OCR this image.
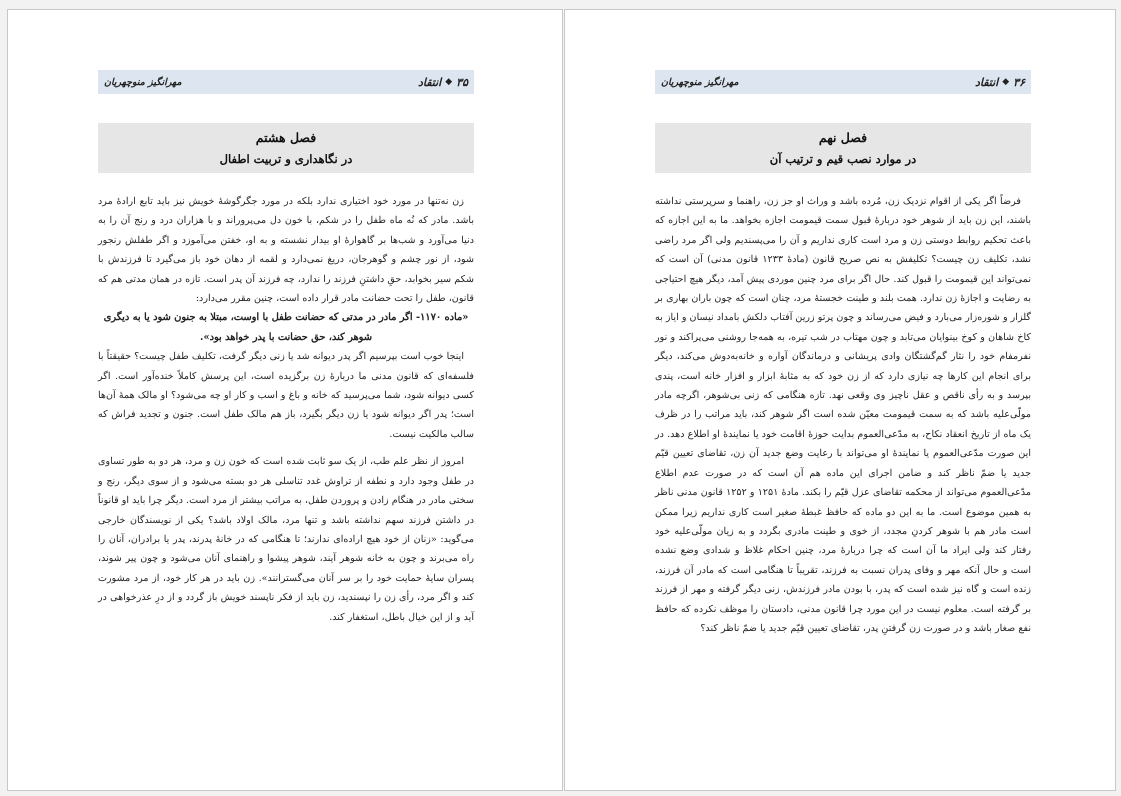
۳۵
◆
انتقاد
مهرانگیز منوچهریان
فصل هشتم
در نگاهداری و تربیت اطفال

زن نه‌تنها در مورد خود اختیاری ندارد بلکه در مورد جگرگوشهٔ خویش نیز باید تابع ارادهٔ مرد باشد. مادر که نُه ماه طفل را در شکم، با خون دل می‌پروراند و با هزاران درد و رنج آن را به دنیا می‌آورد و شب‌ها بر گاهوارهٔ او بیدار نشسته و به او، خفتن می‌آموزد و اگر طفلش رنجور شود، از نور چشم و گوهرجان، دریغ نمی‌دارد و لقمه از دهان خود باز می‌گیرد تا فرزندش با شکم سیر بخوابد، حقِ داشتنِ فرزند را ندارد، چه فرزند آن پدر است. تازه در همان مدتی هم که قانون، طفل را تحت حضانت مادر قرار داده است، چنین مقرر می‌دارد:

«ماده ۱۱۷۰- اگر مادر در مدتی که حضانت طفل با اوست، مبتلا به جنون شود یا به دیگری شوهر کند، حق حضانت با پدر خواهد بود».

اینجا خوب است بپرسیم اگر پدر دیوانه شد یا زنی دیگر گرفت، تکلیف طفل چیست؟ حقیقتاً با فلسفه‌ای که قانون مدنی ما دربارهٔ زن برگزیده است، این پرسش کاملاً خنده‌آور است. اگر کسی دیوانه شود، شما می‌پرسید که خانه و باغ و اسب و کار او چه می‌شود؟ او مالک همهٔ آن‌ها است؛ پدر اگر دیوانه شود یا زن دیگر بگیرد، باز هم مالک طفل است. جنون و تجدید فراش که سالب مالکیت نیست.

امروز از نظر علم طب، از یک سو ثابت شده است که خون زن و مرد، هر دو به طور تساوی در طفل وجود دارد و نطفه از تراوش غدد تناسلی هر دو بسته می‌شود و از سوی دیگر، رنج و سختی مادر در هنگام زادن و پروردن طفل، به مراتب بیشتر از مرد است. دیگر چرا باید او قانوناً در داشتن فرزند سهم نداشته باشد و تنها مرد، مالک اولاد باشد؟ یکی از نویسندگان خارجی می‌گوید: «زنان از خود هیچ اراده‌ای ندارند؛ تا هنگامی که در خانهٔ پدرند، پدر یا برادران، آنان را راه می‌برند و چون به خانه شوهر آیند، شوهر پیشوا و راهنمای آنان می‌شود و چون پیر شوند، پسران سایهٔ حمایت خود را بر سر آنان می‌گسترانند». زن باید در هر کار خود، از مرد مشورت کند و اگر مرد، رأی زن را نپسندید، زن باید از فکر ناپسند خویش باز گردد و از درِ عذرخواهی در آید و از این خیال باطل، استغفار کند.

۳۶
◆
انتقاد
مهرانگیز منوچهریان
فصل نهم
در موارد نصب قیم و ترتیب آن

فرضاً اگر یکی از اقوام نزدیک زن، مُرده باشد و وراث او جز زن، راهنما و سرپرستی نداشته باشند، این زن باید از شوهر خود دربارهٔ قبول سمت قیمومت اجازه بخواهد. ما به این اجازه که باعث تحکیم روابط دوستی زن و مرد است کاری نداریم و آن را می‌پسندیم ولی اگر مرد راضی نشد، تکلیف زن چیست؟ تکلیفش به نص صریح قانون (مادهٔ ۱۲۳۳ قانون مدنی) آن است که نمی‌تواند این قیمومت را قبول کند. حال اگر برای مرد چنین موردی پیش آمد، دیگر هیچ احتیاجی به رضایت و اجازهٔ زن ندارد. همت بلند و طینت خجستهٔ مرد، چنان است که چون باران بهاری بر گلزار و شوره‌زار می‌بارد و فیض می‌رساند و چون پرتو زرین آفتاب دلکش بامداد نیسان و ایاز به کاخ شاهان و کوخ بینوایان می‌تابد و چون مهتاب در شب تیره، به همه‌جا روشنی می‌پراکند و نور نفرمفام خود را نثار گم‌گشتگان وادی پریشانی و درماندگان آواره و خانه‌به‌دوش می‌کند، دیگر برای انجام این کارها چه نیازی دارد که از زن خود که به مثابهٔ ابزار و افزار خانه است، پندی بپرسد و به رأی ناقص و عقل ناچیز وی وقعی نهد. تازه هنگامی که زنی بی‌شوهر، اگرچه مادر مولّی‌علیه باشد که به سمت قیمومت معیّن شده است اگر شوهر کند، باید مراتب را در ظرف یک ماه از تاریخ انعقاد نکاح، به مدّعی‌العموم بدایت حوزهٔ اقامت خود یا نمایندهٔ او اطلاع دهد. در این صورت مدّعی‌العموم یا نمایندهٔ او می‌تواند با رعایت وضع جدید آن زن، تقاضای تعیین قیّم جدید یا ضمّ ناظر کند و ضامن اجرای این ماده هم آن است که در صورت عدم اطلاع مدّعی‌العموم می‌تواند از محکمه تقاضای عزل قیّم را بکند. مادهٔ ۱۲۵۱ و ۱۲۵۲ قانون مدنی ناظر به همین موضوع است. ما به این دو ماده که حافظ غبطهٔ صغیر است کاری نداریم زیرا ممکن است مادر هم با شوهر کردنِ مجدد، از خوی و طینت مادری بگردد و به زیان مولّی‌علیه خود رفتار کند ولی ایراد ما آن است که چرا دربارهٔ مرد، چنین احکام غلاظ و شدادی وضع نشده است و حال آنکه مهر و وفای پدران نسبت به فرزند، تقریباً تا هنگامی است که مادر آن فرزند، زنده است و گاه نیز شده است که پدر، با بودن مادر فرزندش، زنی دیگر گرفته و مهر از فرزند بر گرفته است. معلوم نیست در این مورد چرا قانون مدنی، دادستان را موظف نکرده که حافظ نفع صغار باشد و در صورت زن گرفتنِ پدر، تقاضای تعیین قیّم جدید یا ضمّ ناظر کند؟
